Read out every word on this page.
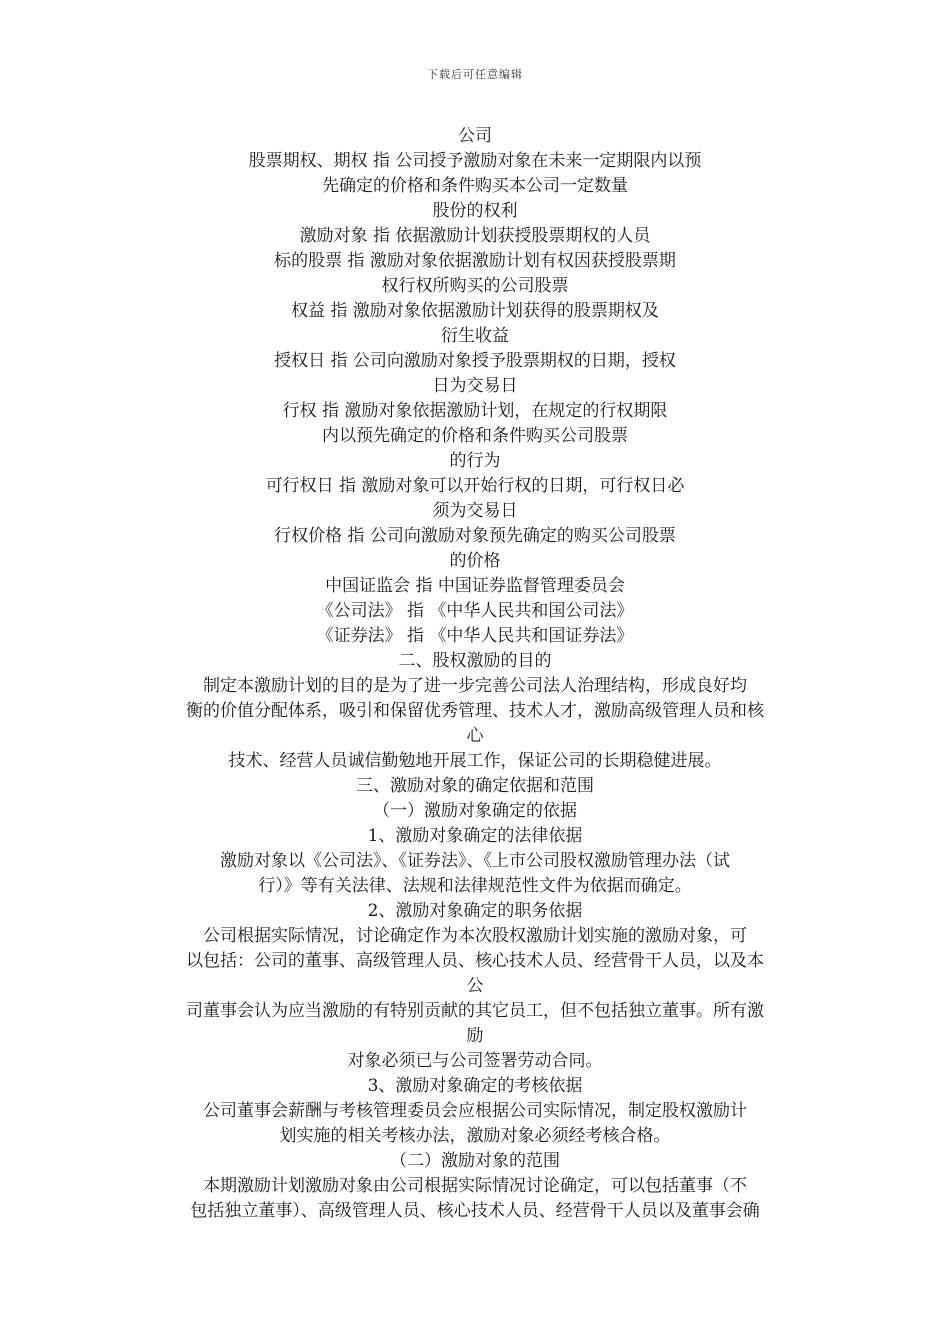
下载后可任意编辑
公司
股票期权、期权 指 公司授予激励对象在未来一定期限内以预
先确定的价格和条件购买本公司一定数量
股份的权利
激励对象 指 依据激励计划获授股票期权的人员
标的股票 指 激励对象依据激励计划有权因获授股票期
权行权所购买的公司股票
权益 指 激励对象依据激励计划获得的股票期权及
衍生收益
授权日 指 公司向激励对象授予股票期权的日期，授权
日为交易日
行权 指 激励对象依据激励计划，在规定的行权期限
内以预先确定的价格和条件购买公司股票
的行为
可行权日 指 激励对象可以开始行权的日期，可行权日必
须为交易日
行权价格 指 公司向激励对象预先确定的购买公司股票
的价格
中国证监会 指 中国证券监督管理委员会
《公司法》 指 《中华人民共和国公司法》
《证券法》 指 《中华人民共和国证券法》
二、股权激励的目的
制定本激励计划的目的是为了进一步完善公司法人治理结构，形成良好均
衡的价值分配体系，吸引和保留优秀管理、技术人才，激励高级管理人员和核
心
技术、经营人员诚信勤勉地开展工作，保证公司的长期稳健进展。
三、激励对象的确定依据和范围
（一）激励对象确定的依据
1、激励对象确定的法律依据
激励对象以《公司法》、《证券法》、《上市公司股权激励管理办法（试
行）》等有关法律、法规和法律规范性文件为依据而确定。
2、激励对象确定的职务依据
公司根据实际情况，讨论确定作为本次股权激励计划实施的激励对象，可
以包括：公司的董事、高级管理人员、核心技术人员、经营骨干人员，以及本
公
司董事会认为应当激励的有特别贡献的其它员工，但不包括独立董事。所有激
励
对象必须已与公司签署劳动合同。
3、激励对象确定的考核依据
公司董事会薪酬与考核管理委员会应根据公司实际情况，制定股权激励计
划实施的相关考核办法，激励对象必须经考核合格。
（二）激励对象的范围
本期激励计划激励对象由公司根据实际情况讨论确定，可以包括董事（不
包括独立董事）、高级管理人员、核心技术人员、经营骨干人员以及董事会确
